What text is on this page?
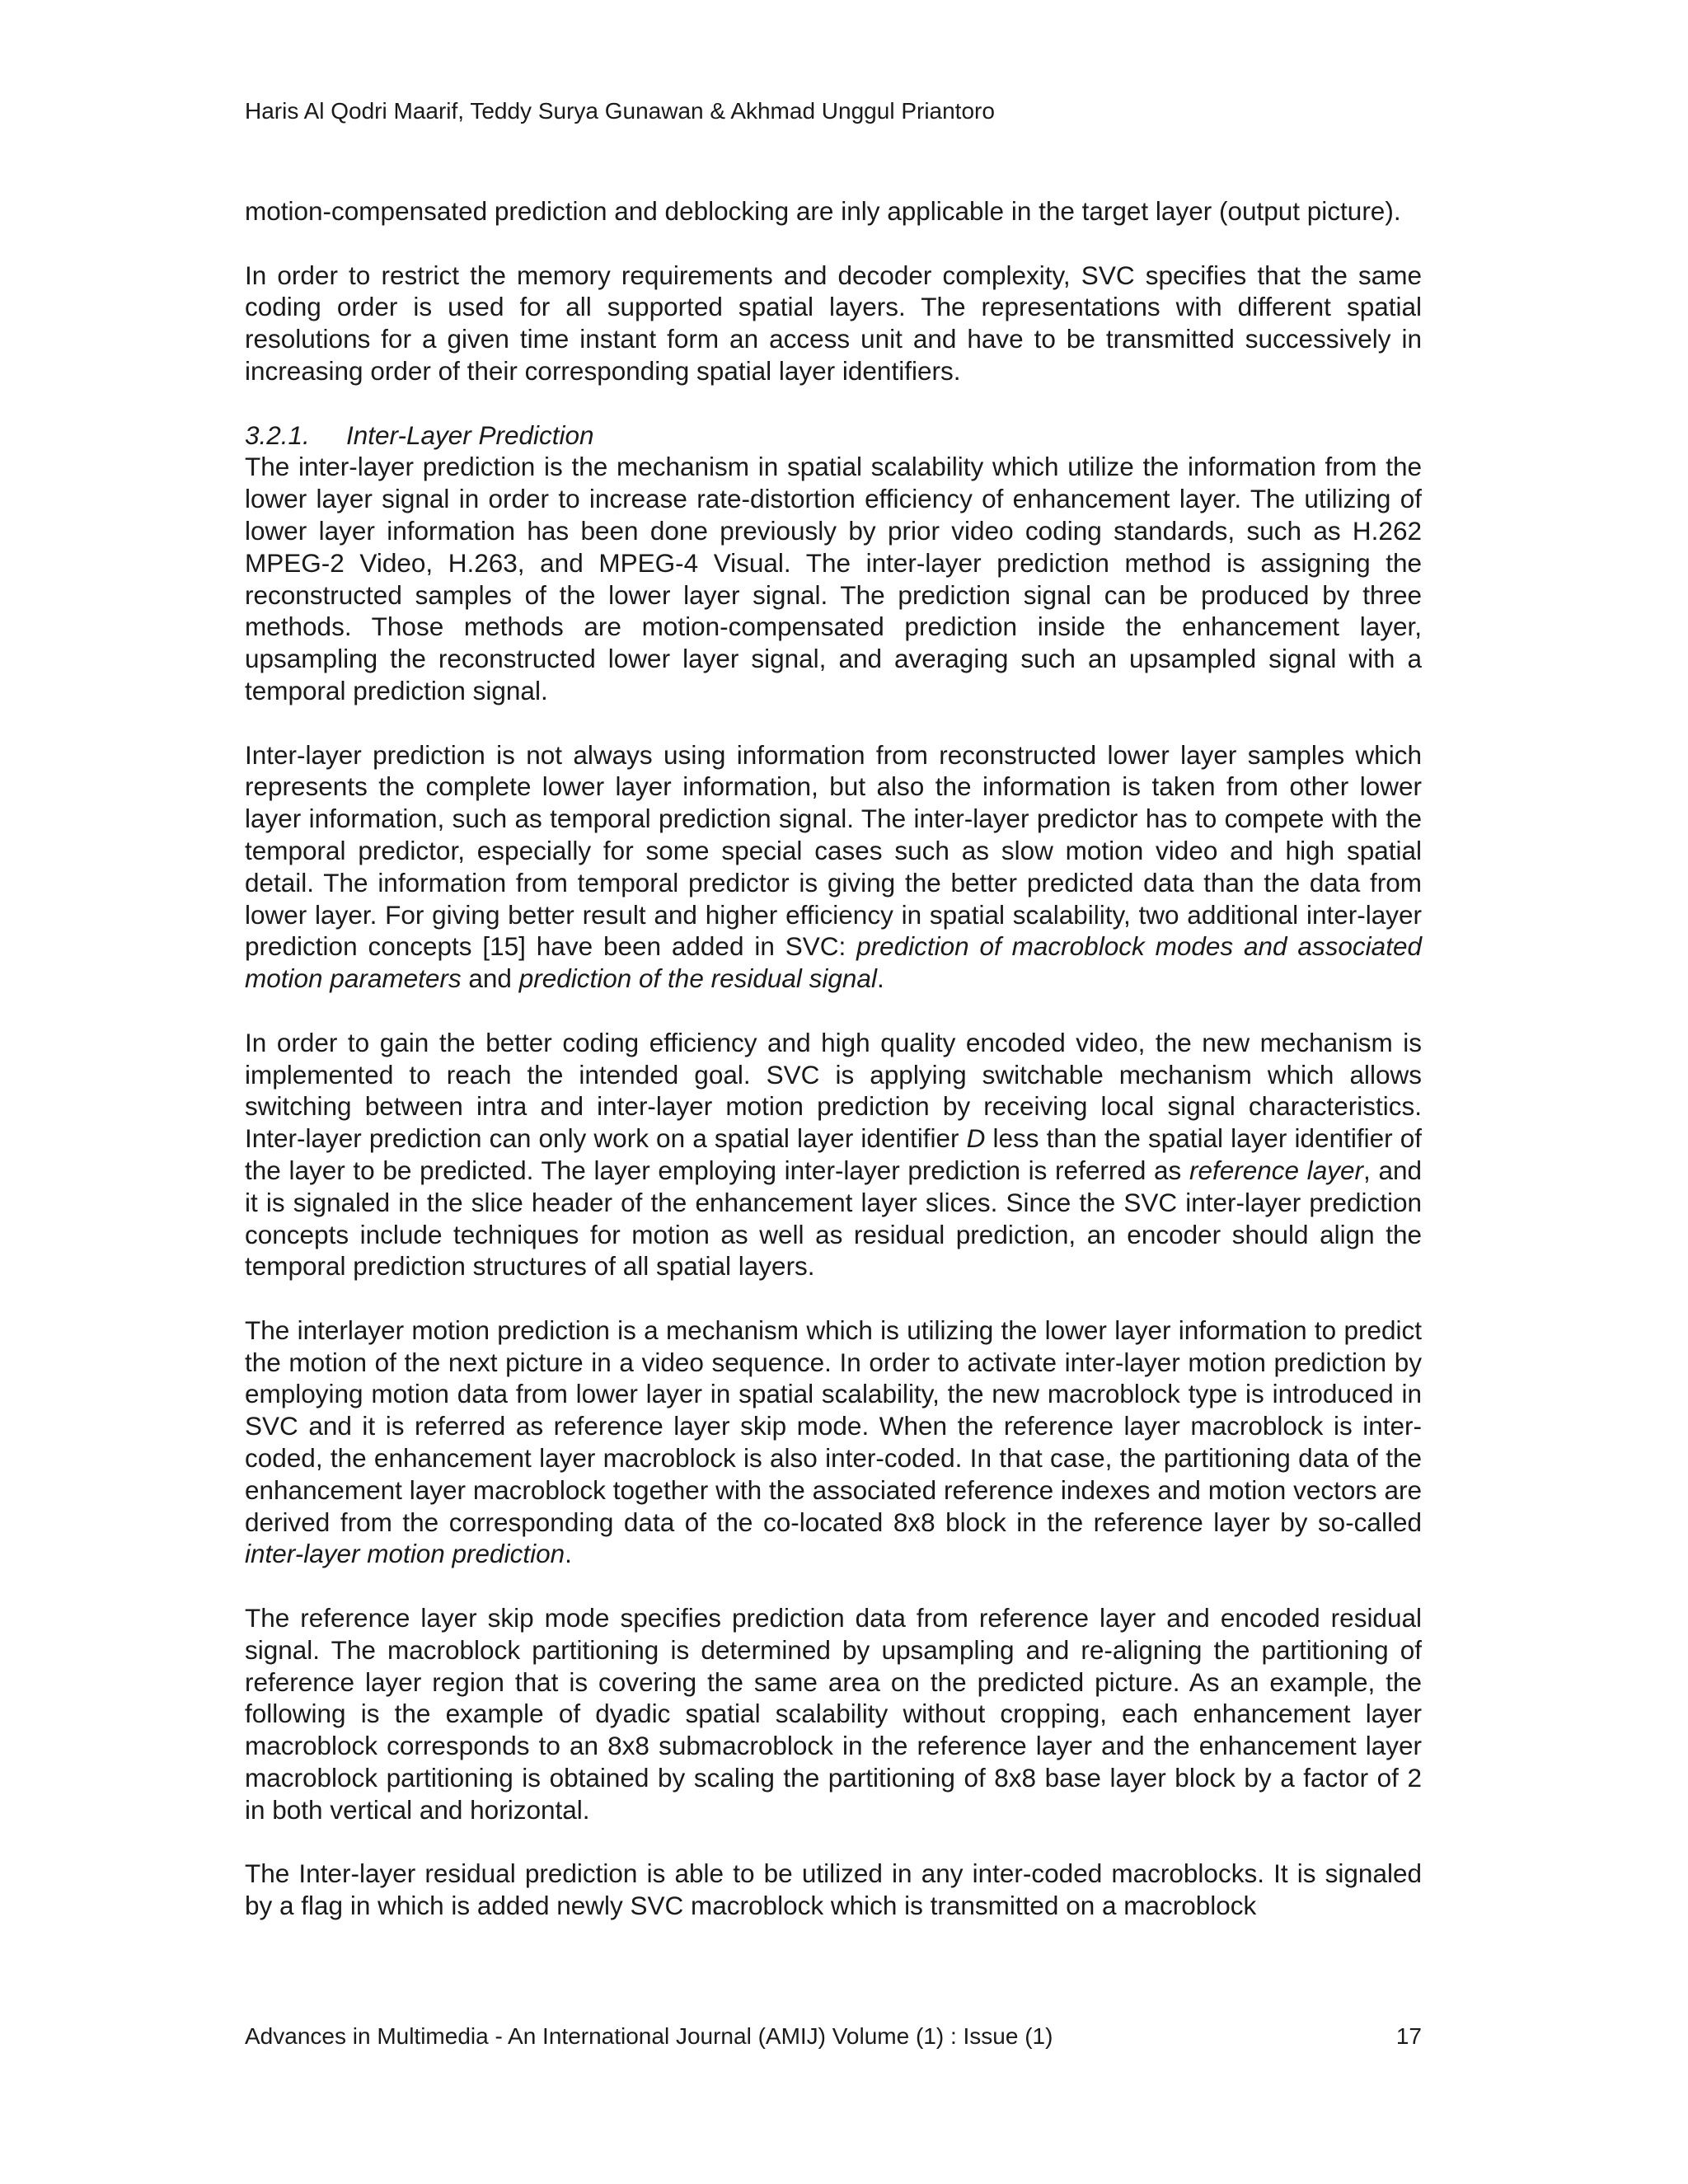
Haris Al Qodri Maarif, Teddy Surya Gunawan & Akhmad Unggul Priantoro

motion-compensated prediction and deblocking are inly applicable in the target layer (output picture).

In order to restrict the memory requirements and decoder complexity, SVC specifies that the same coding order is used for all supported spatial layers. The representations with different spatial resolutions for a given time instant form an access unit and have to be transmitted successively in increasing order of their corresponding spatial layer identifiers.

3.2.1. Inter-Layer Prediction

The inter-layer prediction is the mechanism in spatial scalability which utilize the information from the lower layer signal in order to increase rate-distortion efficiency of enhancement layer. The utilizing of lower layer information has been done previously by prior video coding standards, such as H.262 MPEG-2 Video, H.263, and MPEG-4 Visual. The inter-layer prediction method is assigning the reconstructed samples of the lower layer signal. The prediction signal can be produced by three methods. Those methods are motion-compensated prediction inside the enhancement layer, upsampling the reconstructed lower layer signal, and averaging such an upsampled signal with a temporal prediction signal.

Inter-layer prediction is not always using information from reconstructed lower layer samples which represents the complete lower layer information, but also the information is taken from other lower layer information, such as temporal prediction signal. The inter-layer predictor has to compete with the temporal predictor, especially for some special cases such as slow motion video and high spatial detail. The information from temporal predictor is giving the better predicted data than the data from lower layer. For giving better result and higher efficiency in spatial scalability, two additional inter-layer prediction concepts [15] have been added in SVC: prediction of macroblock modes and associated motion parameters and prediction of the residual signal.

In order to gain the better coding efficiency and high quality encoded video, the new mechanism is implemented to reach the intended goal. SVC is applying switchable mechanism which allows switching between intra and inter-layer motion prediction by receiving local signal characteristics. Inter-layer prediction can only work on a spatial layer identifier D less than the spatial layer identifier of the layer to be predicted. The layer employing inter-layer prediction is referred as reference layer, and it is signaled in the slice header of the enhancement layer slices. Since the SVC inter-layer prediction concepts include techniques for motion as well as residual prediction, an encoder should align the temporal prediction structures of all spatial layers.

The interlayer motion prediction is a mechanism which is utilizing the lower layer information to predict the motion of the next picture in a video sequence. In order to activate inter-layer motion prediction by employing motion data from lower layer in spatial scalability, the new macroblock type is introduced in SVC and it is referred as reference layer skip mode. When the reference layer macroblock is inter-coded, the enhancement layer macroblock is also inter-coded. In that case, the partitioning data of the enhancement layer macroblock together with the associated reference indexes and motion vectors are derived from the corresponding data of the co-located 8x8 block in the reference layer by so-called inter-layer motion prediction.

The reference layer skip mode specifies prediction data from reference layer and encoded residual signal. The macroblock partitioning is determined by upsampling and re-aligning the partitioning of reference layer region that is covering the same area on the predicted picture. As an example, the following is the example of dyadic spatial scalability without cropping, each enhancement layer macroblock corresponds to an 8x8 submacroblock in the reference layer and the enhancement layer macroblock partitioning is obtained by scaling the partitioning of 8x8 base layer block by a factor of 2 in both vertical and horizontal.

The Inter-layer residual prediction is able to be utilized in any inter-coded macroblocks. It is signaled by a flag in which is added newly SVC macroblock which is transmitted on a macroblock

Advances in Multimedia - An International Journal (AMIJ) Volume (1) : Issue (1)	17
